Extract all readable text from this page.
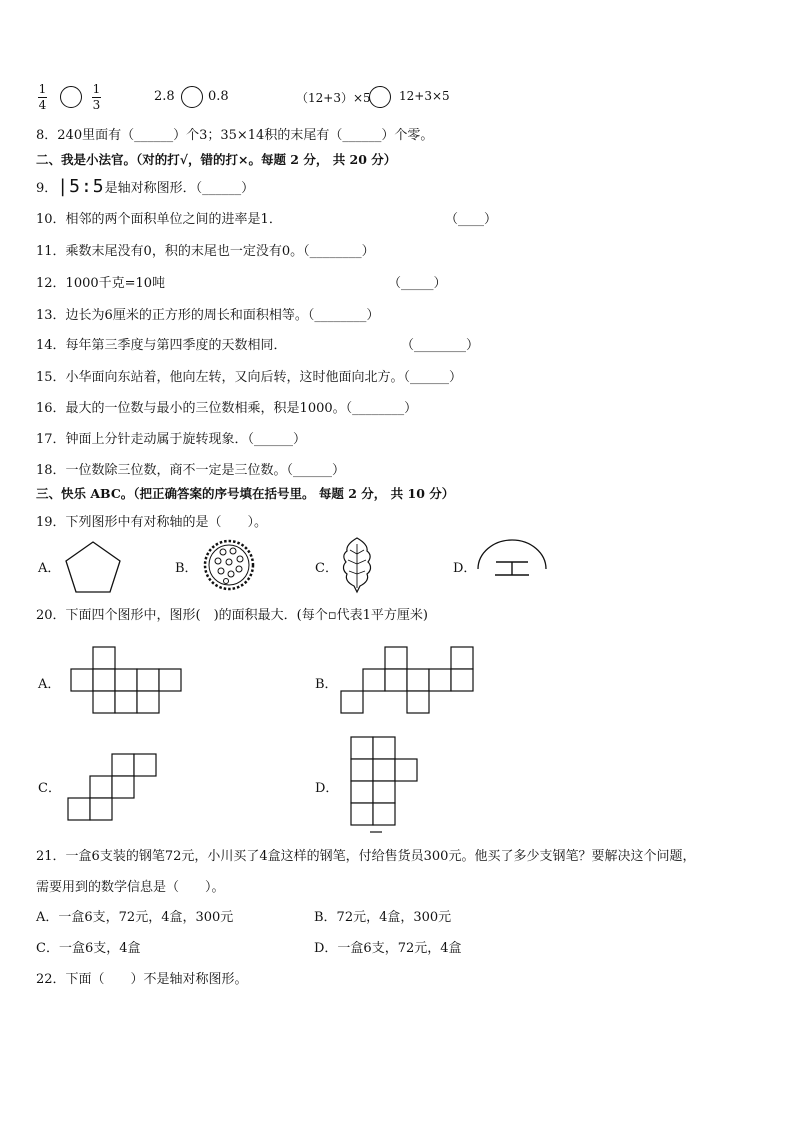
$\frac{1}{4}$	$\frac{1}{3}$	2.8	0.8	（12+3）×5 12+3×5
8．240里面有（______）个3；35×14积的末尾有（______）个零。
二、我是小法官。（对的打√，错的打×。每题 2 分， 共 20 分）
9．|5:5是轴对称图形．（______）
10．相邻的两个面积单位之间的进率是1．	（____）
11．乘数末尾没有0，积的末尾也一定没有0。（________）
12．1000千克=10吨	（_____）
13．边长为6厘米的正方形的周长和面积相等。（________）
14．每年第三季度与第四季度的天数相同．	（________）
15．小华面向东站着，他向左转，又向后转，这时他面向北方。（______）
16．最大的一位数与最小的三位数相乘，积是1000。（________）
17．钟面上分针走动属于旋转现象．（______）
18．一位数除三位数，商不一定是三位数。（______）
三、快乐 ABC。（把正确答案的序号填在括号里。 每题 2 分， 共 10 分）
19．下列图形中有对称轴的是（　　）。
A．	B．	C．	D．
20．下面四个图形中，图形(　)的面积最大．(每个▫代表1平方厘米)
A．	B．
C．	D．
21．一盒6支装的钢笔72元，小川买了4盒这样的钢笔，付给售货员300元。他买了多少支钢笔？要解决这个问题，
需要用到的数学信息是（　　）。
A．一盒6支，72元，4盒，300元	B．72元，4盒，300元
C．一盒6支，4盒	D．一盒6支，72元，4盒
22．下面（　　）不是轴对称图形。
